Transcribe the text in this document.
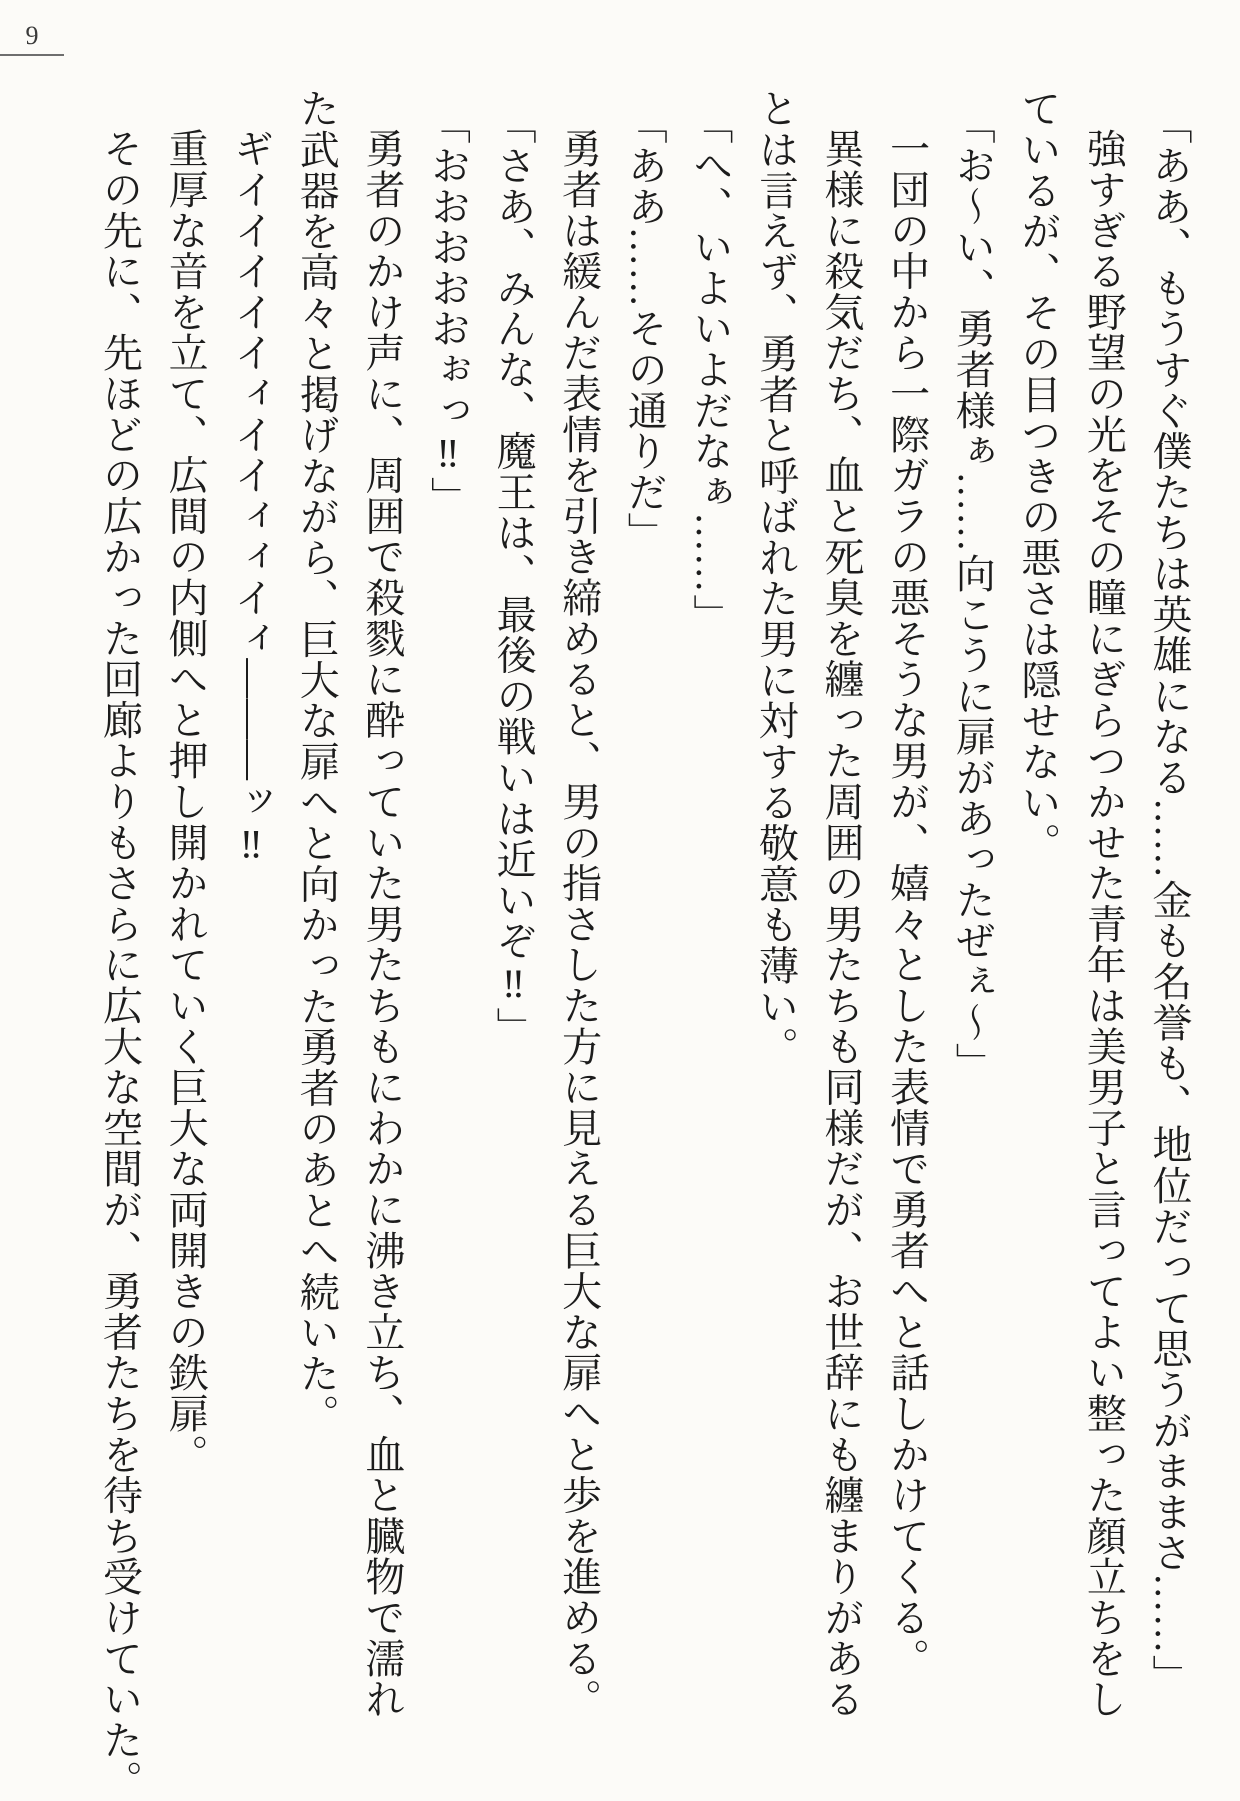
9
「ああ、もうすぐ僕たちは英雄になる……金も名誉も、地位だって思うがままさ……」
強すぎる野望の光をその瞳にぎらつかせた青年は美男子と言ってよい整った顔立ちをし
ているが、その目つきの悪さは隠せない。
「お〜い、勇者様ぁ……向こうに扉があったぜぇ〜」
一団の中から一際ガラの悪そうな男が、嬉々とした表情で勇者へと話しかけてくる。
異様に殺気だち、血と死臭を纏った周囲の男たちも同様だが、お世辞にも纏まりがある
とは言えず、勇者と呼ばれた男に対する敬意も薄い。
「へ、いよいよだなぁ……」
「ああ……その通りだ」
勇者は緩んだ表情を引き締めると、男の指さした方に見える巨大な扉へと歩を進める。
「さあ、みんな、魔王は、最後の戦いは近いぞ‼」
「おおおおおぉっ‼」
勇者のかけ声に、周囲で殺戮に酔っていた男たちもにわかに沸き立ち、血と臓物で濡れ
た武器を高々と掲げながら、巨大な扉へと向かった勇者のあとへ続いた。
ギイイイイイィイイィィイィ―――ッ‼
重厚な音を立て、広間の内側へと押し開かれていく巨大な両開きの鉄扉。
その先に、先ほどの広かった回廊よりもさらに広大な空間が、勇者たちを待ち受けていた。
